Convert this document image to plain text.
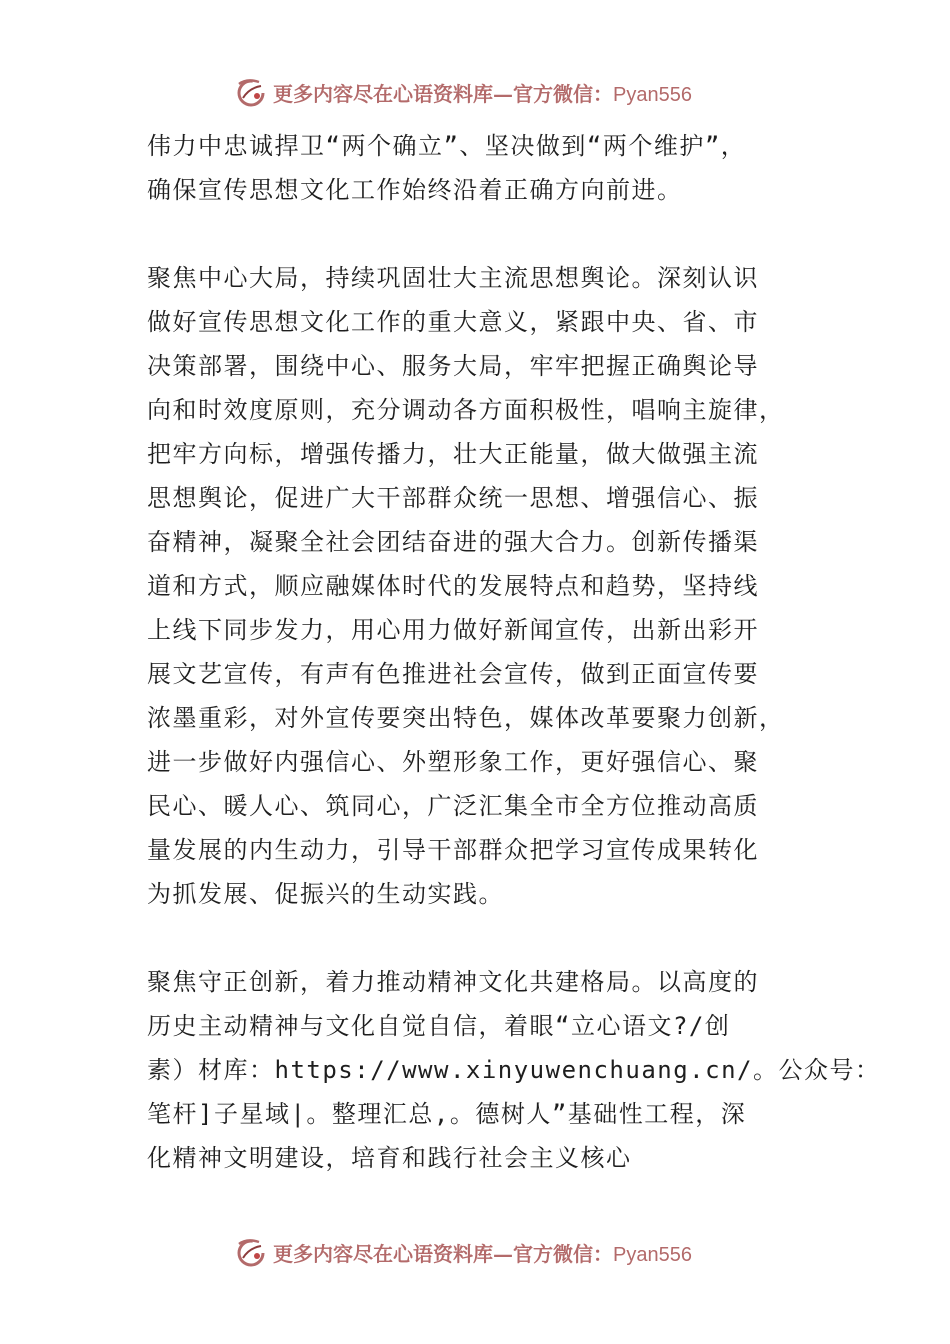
更多内容尽在心语资料库—官方微信：Pyan556

伟力中忠诚捍卫“两个确立”、坚决做到“两个维护”，
确保宣传思想文化工作始终沿着正确方向前进。

聚焦中心大局，持续巩固壮大主流思想舆论。深刻认识
做好宣传思想文化工作的重大意义，紧跟中央、省、市
决策部署，围绕中心、服务大局，牢牢把握正确舆论导
向和时效度原则，充分调动各方面积极性，唱响主旋律，
把牢方向标，增强传播力，壮大正能量，做大做强主流
思想舆论，促进广大干部群众统一思想、增强信心、振
奋精神，凝聚全社会团结奋进的强大合力。创新传播渠
道和方式，顺应融媒体时代的发展特点和趋势，坚持线
上线下同步发力，用心用力做好新闻宣传，出新出彩开
展文艺宣传，有声有色推进社会宣传，做到正面宣传要
浓墨重彩，对外宣传要突出特色，媒体改革要聚力创新，
进一步做好内强信心、外塑形象工作，更好强信心、聚
民心、暖人心、筑同心，广泛汇集全市全方位推动高质
量发展的内生动力，引导干部群众把学习宣传成果转化
为抓发展、促振兴的生动实践。

聚焦守正创新，着力推动精神文化共建格局。以高度的
历史主动精神与文化自觉自信，着眼“立心语文?/创
素）材库：https://www.xinyuwenchuang.cn/。公众号：
笔杆]子星域|。整理汇总,。德树人”基础性工程，深
化精神文明建设，培育和践行社会主义核心

更多内容尽在心语资料库—官方微信：Pyan556
